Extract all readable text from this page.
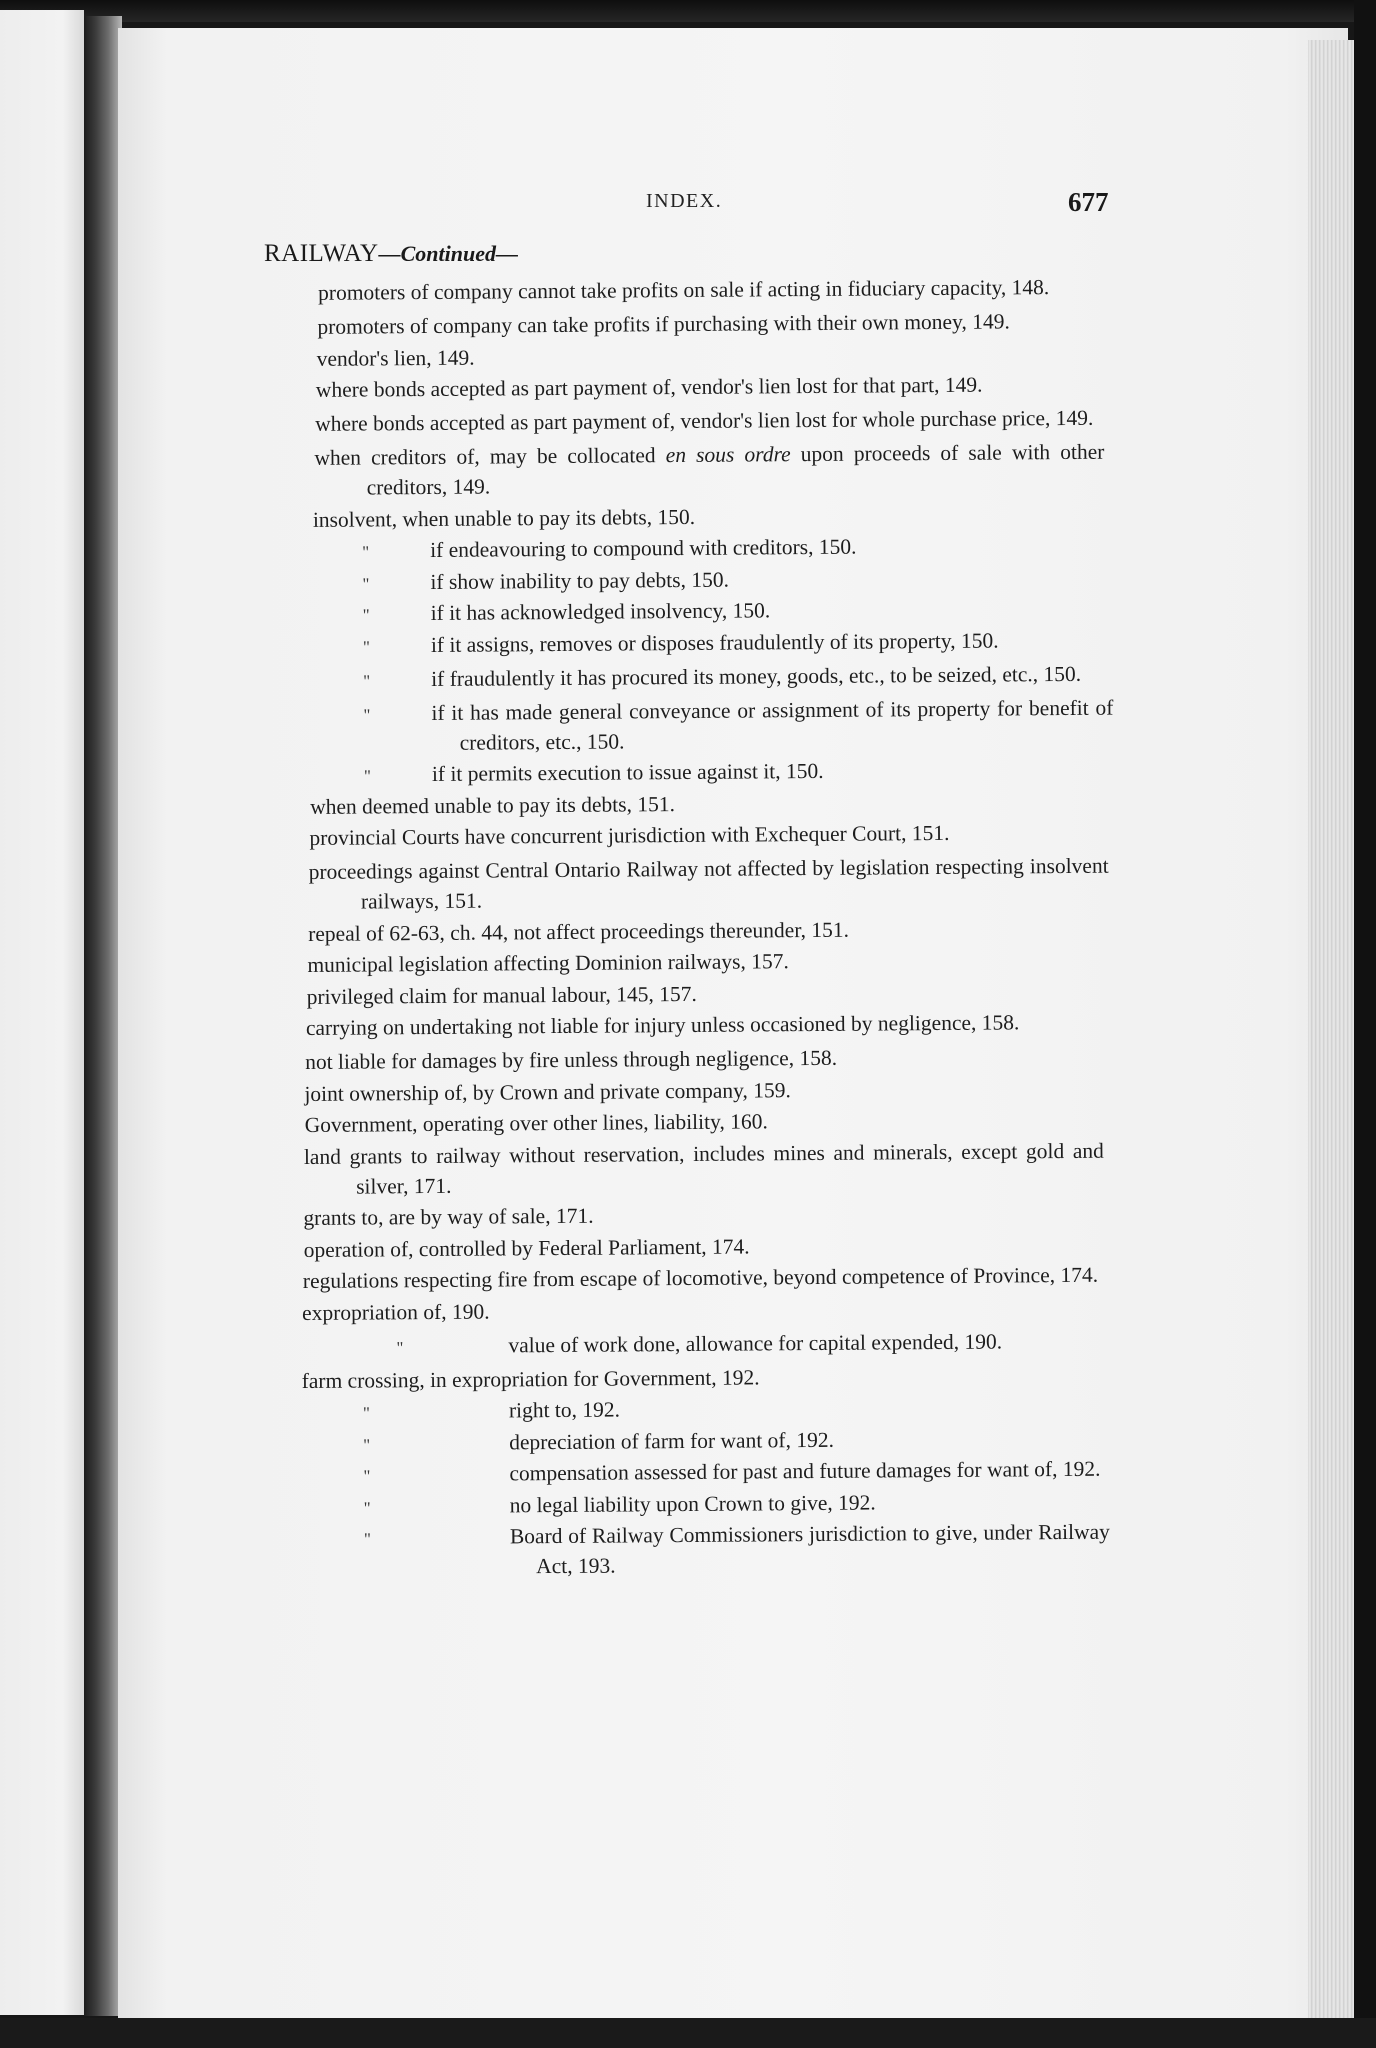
INDEX.	677
RAILWAY—Continued—
promoters of company cannot take profits on sale if acting in fiduciary capacity, 148.
promoters of company can take profits if purchasing with their own money, 149.
vendor's lien, 149.
where bonds accepted as part payment of, vendor's lien lost for that part, 149.
where bonds accepted as part payment of, vendor's lien lost for whole purchase price, 149.
when creditors of, may be collocated en sous ordre upon proceeds of sale with other creditors, 149.
insolvent, when unable to pay its debts, 150.
"	if endeavouring to compound with creditors, 150.
"	if show inability to pay debts, 150.
"	if it has acknowledged insolvency, 150.
"	if it assigns, removes or disposes fraudulently of its property, 150.
"	if fraudulently it has procured its money, goods, etc., to be seized, etc., 150.
"	if it has made general conveyance or assignment of its property for benefit of creditors, etc., 150.
"	if it permits execution to issue against it, 150.
when deemed unable to pay its debts, 151.
provincial Courts have concurrent jurisdiction with Exchequer Court, 151.
proceedings against Central Ontario Railway not affected by legislation respecting insolvent railways, 151.
repeal of 62-63, ch. 44, not affect proceedings thereunder, 151.
municipal legislation affecting Dominion railways, 157.
privileged claim for manual labour, 145, 157.
carrying on undertaking not liable for injury unless occasioned by negligence, 158.
not liable for damages by fire unless through negligence, 158.
joint ownership of, by Crown and private company, 159.
Government, operating over other lines, liability, 160.
land grants to railway without reservation, includes mines and minerals, except gold and silver, 171.
grants to, are by way of sale, 171.
operation of, controlled by Federal Parliament, 174.
regulations respecting fire from escape of locomotive, beyond competence of Province, 174.
expropriation of, 190.
"	value of work done, allowance for capital expended, 190.
farm crossing, in expropriation for Government, 192.
"	right to, 192.
"	depreciation of farm for want of, 192.
"	compensation assessed for past and future damages for want of, 192.
"	no legal liability upon Crown to give, 192.
"	Board of Railway Commissioners jurisdiction to give, under Railway Act, 193.
